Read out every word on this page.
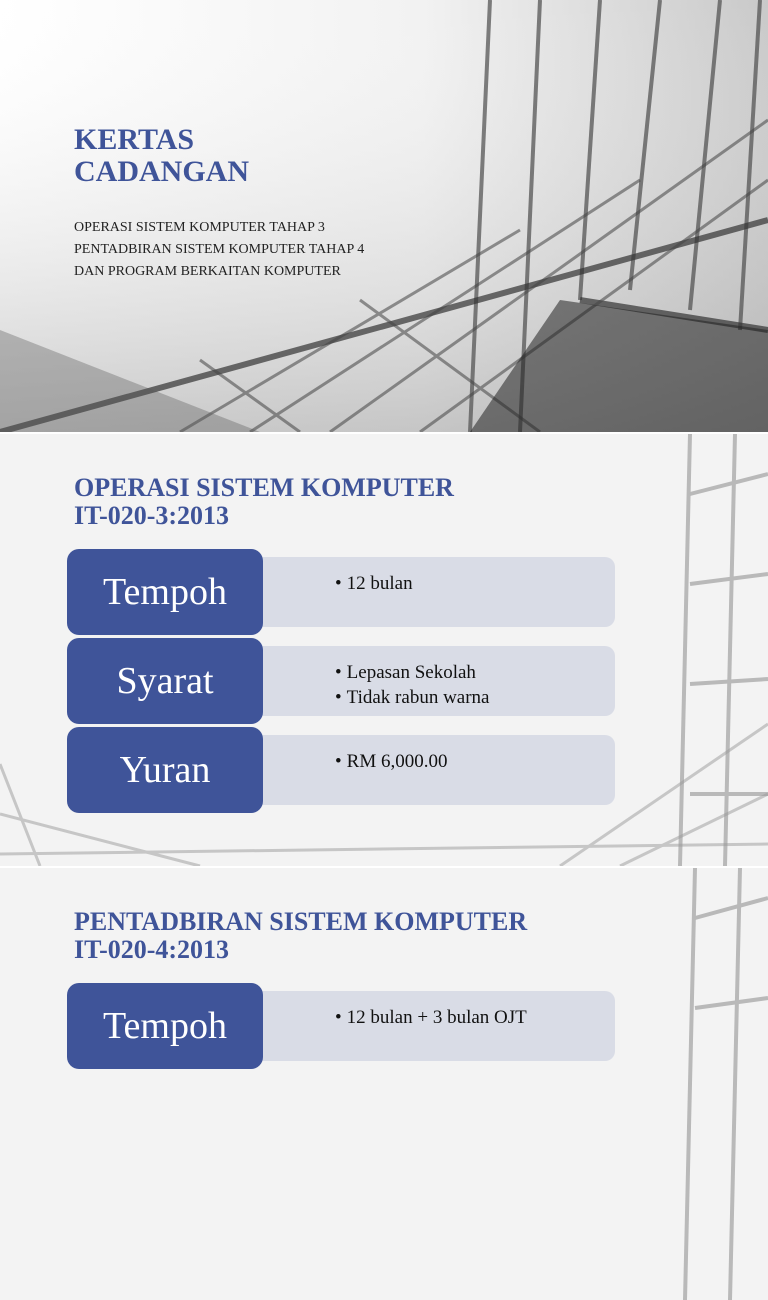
KERTAS
CADANGAN
OPERASI SISTEM KOMPUTER TAHAP 3
PENTADBIRAN SISTEM KOMPUTER TAHAP 4
DAN PROGRAM BERKAITAN KOMPUTER
OPERASI SISTEM KOMPUTER
IT-020-3:2013
• 12 bulan
Tempoh
• Lepasan Sekolah
• Tidak rabun warna
Syarat
• RM 6,000.00
Yuran
PENTADBIRAN SISTEM KOMPUTER
IT-020-4:2013
• 12 bulan + 3 bulan OJT
Tempoh
